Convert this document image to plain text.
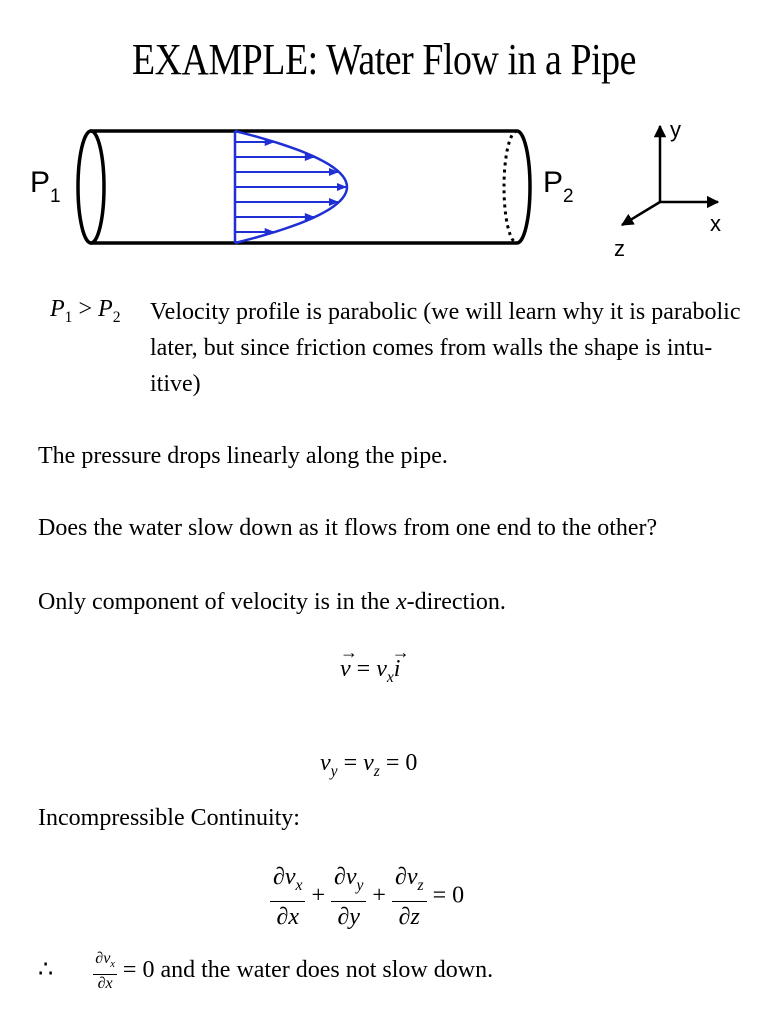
EXAMPLE: Water Flow in a Pipe
$P_1$	$P_2$
y
x
z
$P_1 > P_2$ Velocity profile is parabolic (we will learn why it is parabolic
later, but since friction comes from walls the shape is intu-
itive)
The pressure drops linearly along the pipe.
Does the water slow down as it flows from one end to the other?
Only component of velocity is in the x-direction.
→
$v = v_x$
→
i
$v_y = v_z = 0$
Incompressible Continuity:
$\frac{\partial v_x}{\partial x} + \frac{\partial v_y}{\partial y} + \frac{\partial v_z}{\partial z} = 0$
∴	$\frac{\partial v_x}{\partial x} = 0$ and the water does not slow down.
